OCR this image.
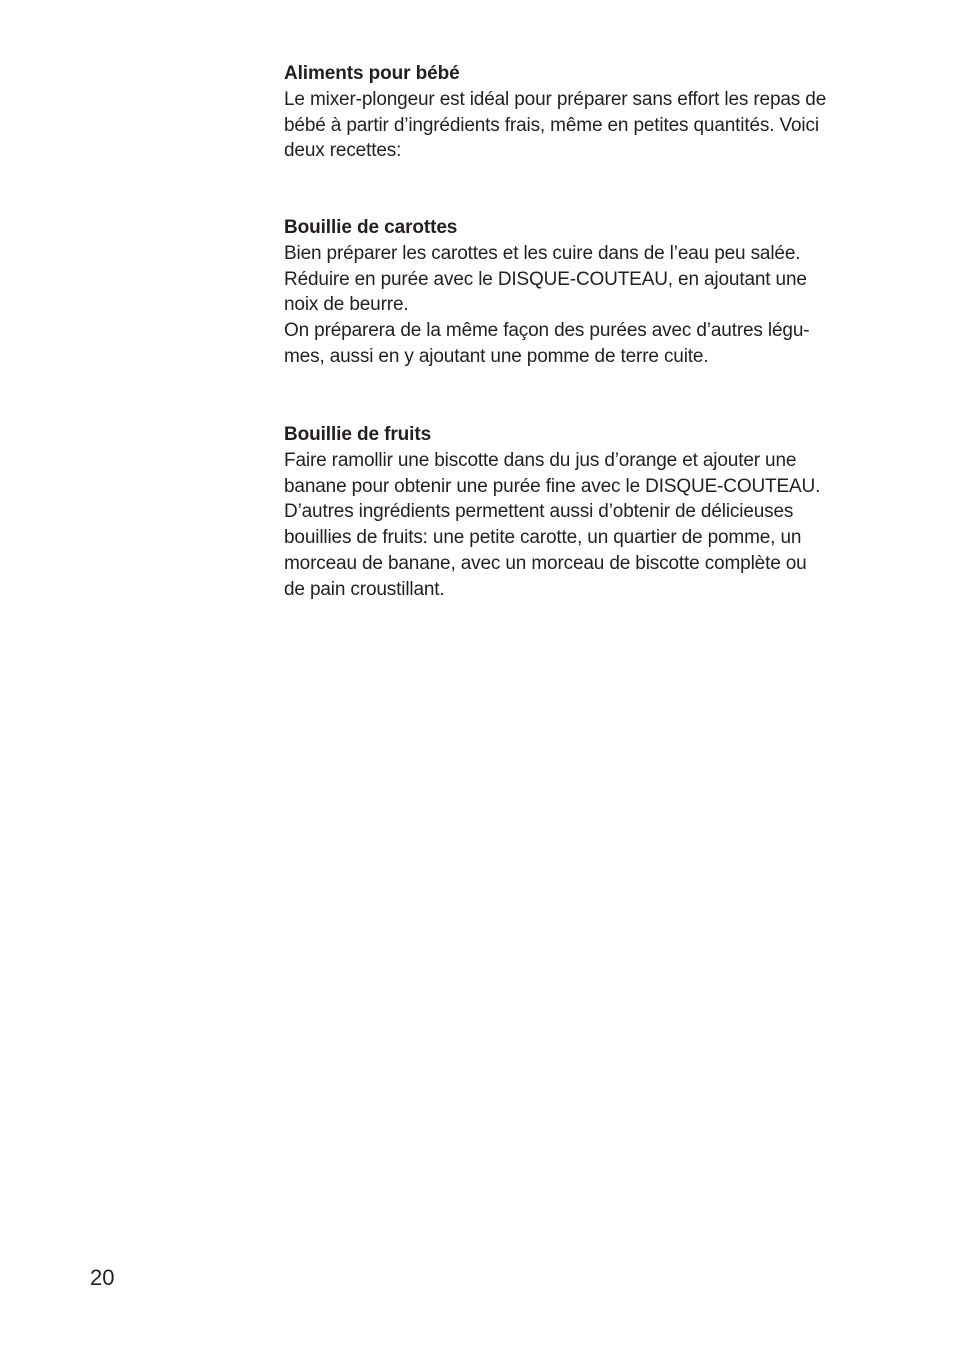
Aliments pour bébé

Le mixer-plongeur est idéal pour préparer sans effort les repas de
bébé à partir d’ingrédients frais, même en petites quantités. Voici
deux recettes:

Bouillie de carottes

Bien préparer les carottes et les cuire dans de l’eau peu salée.
Réduire en purée avec le DISQUE-COUTEAU, en ajoutant une
noix de beurre.

On préparera de la même façon des purées avec d’autres légu-
mes, aussi en y ajoutant une pomme de terre cuite.

Bouillie de fruits

Faire ramollir une biscotte dans du jus d’orange et ajouter une
banane pour obtenir une purée fine avec le DISQUE-COUTEAU.
D’autres ingrédients permettent aussi d’obtenir de délicieuses
bouillies de fruits: une petite carotte, un quartier de pomme, un
morceau de banane, avec un morceau de biscotte complète ou
de pain croustillant.

20
